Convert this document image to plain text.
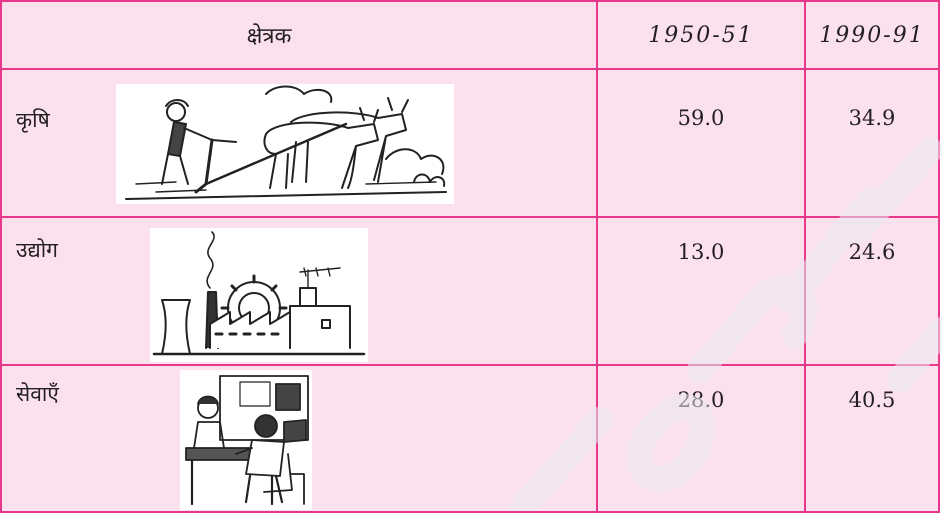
क्षेत्रक	1950-51	1990-91

कृषि	59.0	34.9

उद्योग	13.0	24.6

सेवाएँ	28.0	40.5
